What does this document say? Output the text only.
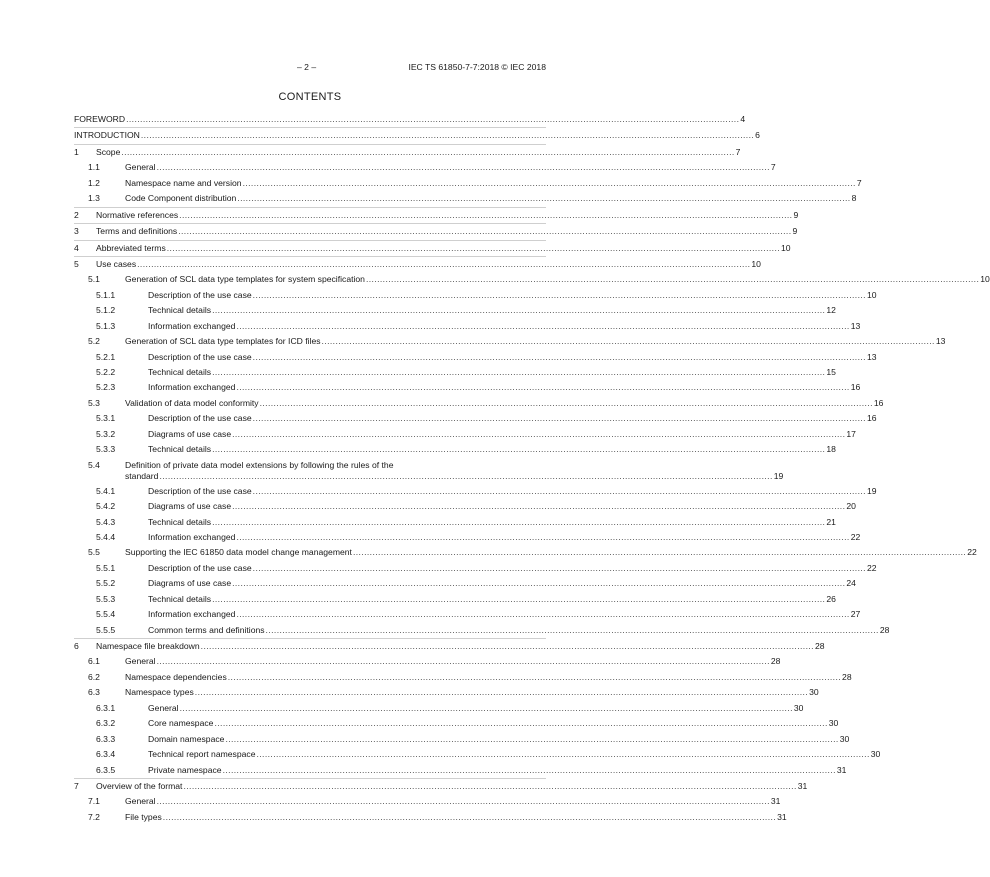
– 2 –	IEC TS 61850-7-7:2018 © IEC 2018
CONTENTS
FOREWORD ............................................................................................................................................................................................................................ 4
INTRODUCTION ............................................................................................................................................................................................................................ 6
1 Scope ............................................................................................................................................................................................................................ 7
1.1	General ............................................................................................................................................................................................................................ 7
1.2	Namespace name and version ............................................................................................................................................................................................................................ 7
1.3	Code Component distribution ............................................................................................................................................................................................................................ 8
2 Normative references ............................................................................................................................................................................................................................ 9
3 Terms and definitions ............................................................................................................................................................................................................................ 9
4 Abbreviated terms ............................................................................................................................................................................................................................ 10
5 Use cases ............................................................................................................................................................................................................................ 10
5.1	Generation of SCL data type templates for system specification ............................................................................................................................................................................................................................ 10
5.1.1	Description of the use case ............................................................................................................................................................................................................................ 10
5.1.2	Technical details ............................................................................................................................................................................................................................ 12
5.1.3	Information exchanged ............................................................................................................................................................................................................................ 13
5.2	Generation of SCL data type templates for ICD files ............................................................................................................................................................................................................................ 13
5.2.1	Description of the use case ............................................................................................................................................................................................................................ 13
5.2.2	Technical details ............................................................................................................................................................................................................................ 15
5.2.3	Information exchanged ............................................................................................................................................................................................................................ 16
5.3	Validation of data model conformity ............................................................................................................................................................................................................................ 16
5.3.1	Description of the use case ............................................................................................................................................................................................................................ 16
5.3.2	Diagrams of use case ............................................................................................................................................................................................................................ 17
5.3.3	Technical details ............................................................................................................................................................................................................................ 18
5.4	Definition of private data model extensions by following the rules of the
standard ............................................................................................................................................................................................................................ 19
5.4.1	Description of the use case ............................................................................................................................................................................................................................ 19
5.4.2	Diagrams of use case ............................................................................................................................................................................................................................ 20
5.4.3	Technical details ............................................................................................................................................................................................................................ 21
5.4.4	Information exchanged ............................................................................................................................................................................................................................ 22
5.5	Supporting the IEC 61850 data model change management ............................................................................................................................................................................................................................ 22
5.5.1	Description of the use case ............................................................................................................................................................................................................................ 22
5.5.2	Diagrams of use case ............................................................................................................................................................................................................................ 24
5.5.3	Technical details ............................................................................................................................................................................................................................ 26
5.5.4	Information exchanged ............................................................................................................................................................................................................................ 27
5.5.5	Common terms and definitions ............................................................................................................................................................................................................................ 28
6 Namespace file breakdown ............................................................................................................................................................................................................................ 28
6.1	General ............................................................................................................................................................................................................................ 28
6.2	Namespace dependencies ............................................................................................................................................................................................................................ 28
6.3	Namespace types ............................................................................................................................................................................................................................ 30
6.3.1	General ............................................................................................................................................................................................................................ 30
6.3.2	Core namespace ............................................................................................................................................................................................................................ 30
6.3.3	Domain namespace ............................................................................................................................................................................................................................ 30
6.3.4	Technical report namespace ............................................................................................................................................................................................................................ 30
6.3.5	Private namespace ............................................................................................................................................................................................................................ 31
7 Overview of the format ............................................................................................................................................................................................................................ 31
7.1	General ............................................................................................................................................................................................................................ 31
7.2	File types ............................................................................................................................................................................................................................ 31
